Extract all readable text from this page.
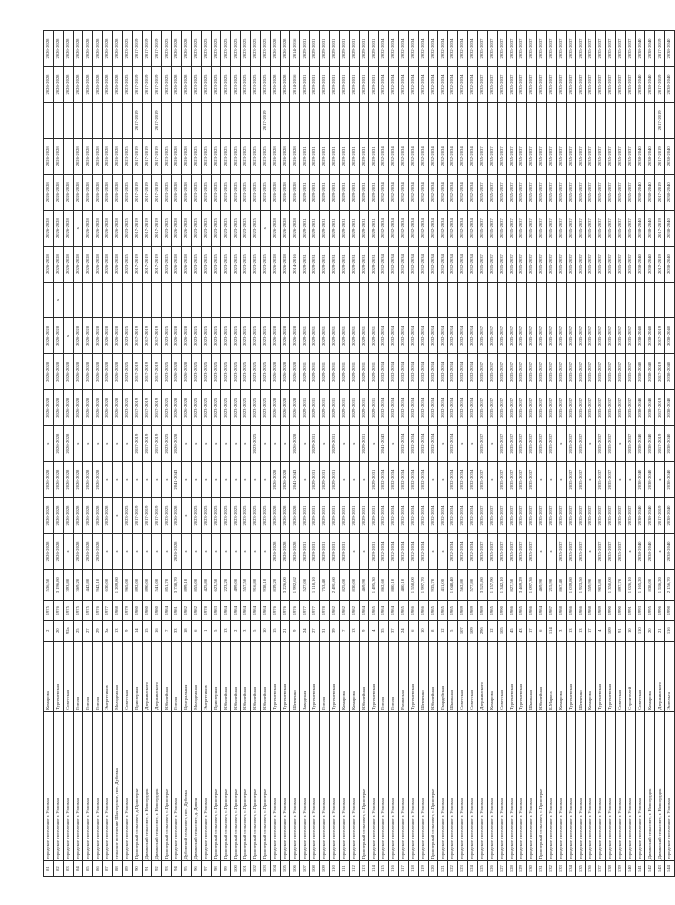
81	городское поселение г. Узловая	Комарова	2	1975	536,50	2026-2028	2026-2028	2026-2028	x	2026-2028	2026-2028	2026-2028		2026-2028	2026-2028	2026-2028	2026-2028		2026-2028	2026-2028
82	городское поселение г. Узловая	Тургеневская	20	1976	3 196,80	2026-2028	2026-2028	2026-2028	2026-2028	2026-2028	2026-2028	2026-2028	x	2026-2028	2026-2028	2026-2028	2026-2028		2026-2028	2026-2028
83	городское поселение г. Узловая	Советская	92а	1975	393,80	x	2026-2028	2026-2028	2026-2028	2026-2028	2026-2028	x		2026-2028	2026-2028	2026-2028			2026-2028	2026-2028
84	городское поселение г. Узловая	Гоголя	25	1975	369,20	2026-2028	2026-2028	2026-2028	x	2026-2028	2026-2028	2026-2028		2026-2028	x	2026-2028	2026-2028		2026-2028	2026-2028
85	городское поселение г. Узловая	Гоголя	27	1975	442,80	2026-2028	2026-2028	2026-2028	x	2026-2028	2026-2028	2026-2028		2026-2028	2026-2028	2026-2028	2026-2028		2026-2028	2026-2028
86	городское поселение г. Узловая	Гоголя	29	1976	942,10	2026-2028	2026-2028	2026-2028	x	2026-2028	2026-2028	2026-2028		2026-2028	2026-2028	2026-2028	2026-2028		2026-2028	2026-2028
87	городское поселение г. Узловая	Энергетиков	3а	1977	630,00	x	2026-2028	x	x	2026-2028	2026-2028	2026-2028		2026-2028	2026-2028	2026-2028	2026-2028		2026-2028	2026-2028
88	сельское поселение Шахтерское, пос. Дубовка	Молодежная	13	1988	1 209,80	x	x	x	x	2026-2028	2026-2028	2026-2028		2026-2028	2026-2028	2026-2028	2026-2028		2026-2028	2026-2028
89	городское поселение г. Узловая	Советская	9	1979	965,00	x	2023-2025	x	x	2023-2025	2023-2025	2023-2025		2023-2025	2023-2025	2023-2025	2023-2025		2023-2025	2023-2025
90	Приозерный сельсовет, д.Приозерье	Приозерная	14	1980	892,00	x	2017-2019	x	2017-2019	2017-2019	2017-2019	2017-2019		2017-2019	2017-2019	2017-2019	2017-2019	2017-2019	2017-2019	2017-2019
91	Дивинский сельсовет, г. Новогрудок	Дзержинского	15	1980	890,00	x	2017-2019	x	2017-2019	2017-2019	2017-2019	2017-2019		2017-2019	2017-2019	2017-2019	2017-2019		2017-2019	2017-2019
92	Дивинский сельсовет, г. Новогрудок	Дзержинского	16	1980	541,00	x	2017-2019	x	2017-2019	2017-2019	2017-2019	2017-2019		2017-2019	2017-2019	2017-2019	2017-2019	2017-2019	2017-2019	2017-2019
93	Приозерный сельсовет, с.Приозерье	Юбилейная	7	1984	851,70	x	2023-2025	x	2023-2025	2023-2025	2023-2025	2023-2025		2023-2025	2023-2025	2023-2025	2023-2025		2023-2025	2023-2025
94	городское поселение г. Узловая	Гоголя	33	1981	3 738,70	2026-2028	2026-2028	2041-2043	2026-2028	2026-2028	2026-2028	2026-2028		2026-2028	2026-2028	2026-2028	2026-2028		2026-2028	2026-2028
95	Дубовский сельсовет, пос. Дубовка	Центральная	18	1982	899,10	x	x	x	x	2026-2028	2026-2028	2026-2028		2026-2028	2026-2028	2026-2028	2026-2028		2026-2028	2026-2028
96	Дивинский сельсовет, д. Дивин	Молодежная	6	1982	855,00	x	2023-2025	x	x	2023-2025	2023-2025	2023-2025		2023-2025	2023-2025	2023-2025	2023-2025		2023-2025	2023-2025
97	городское поселение г. Узловая	Энергетиков	1	1978	425,80	x	2023-2025	x	x	2023-2025	2023-2025	2023-2025		2023-2025	2023-2025	2023-2025	2023-2025		2023-2025	2023-2025
98	Приозерный сельсовет, с.Приозерье	Приозерная	5	1983	623,50	x	2023-2025	x	x	2023-2025	2023-2025	2023-2025		2023-2025	2023-2025	2023-2025	2023-2025		2023-2025	2023-2025
99	Приозерный сельсовет, с.Приозерье	Юбилейная	13	1984	223,20	x	2023-2025	x	x	2023-2025	2023-2025	2023-2025		2023-2025	2023-2025	2023-2025	2023-2025		2023-2025	2023-2025
100	Приозерный сельсовет, с.Приозерье	Юбилейная	2	1984	499,00	x	2023-2025	x	x	2023-2025	2023-2025	2023-2025		2023-2025	2023-2025	2023-2025	2023-2025		2023-2025	2023-2025
101	Приозерный сельсовет, с.Приозерье	Юбилейная	3	1984	557,50	x	2023-2025	x	x	2023-2025	2023-2025	2023-2025		2023-2025	2023-2025	2023-2025	2023-2025		2023-2025	2023-2025
102	Приозерный сельсовет, с.Приозерье	Юбилейная	5	1984	916,80	x	2023-2025	x	2023-2025	2023-2025	2023-2025	2023-2025		2023-2025	2023-2025	2023-2025	2023-2025		2023-2025	2023-2025
103	Приозерный сельсовет, с.Приозерье	Юбилейная	10	1984	938,10	x	2023-2025	x	x	2023-2025	2023-2025	2023-2025		2023-2025	x	2023-2025	2023-2025	2017-2019	2023-2025	2023-2025
104	городское поселение г. Узловая	Тургеневская	15	1976	839,20	2026-2028	2026-2028	2026-2028	x	2026-2028	2026-2028	2026-2028		2026-2028	2026-2028	2026-2028	2026-2028		2026-2028	2026-2028
105	городское поселение г. Узловая	Тургеневская	21	1976	3 226,00	2026-2028	2026-2028	2026-2028	x	2026-2028	2026-2028	2026-2028		2026-2028	2026-2028	2026-2028	2026-2028		2026-2028	2026-2028
106	городское поселение г. Узловая	Шевченко	9	1976	1 992,62	2026-2028	2026-2028	2041-2043	2026-2028	2026-2028	2026-2028	2026-2028		2014-2016	2026-2028	2026-2028	2026-2028		2014-2016	2014-2016
107	городское поселение г. Узловая	Заводская	24	1977	527,00	2029-2031	2029-2031	x	x	2029-2031	2029-2031	2029-2031		2029-2031	2029-2031	2029-2031	2029-2031		2029-2031	2029-2031
108	городское поселение г. Узловая	Тургеневская	27	1977	1 118,10	2029-2031	2029-2031	2029-2031	2029-2031	2029-2031	2029-2031	2029-2031		2029-2031	2029-2031	2029-2031	2029-2031		2029-2031	2029-2031
109	городское поселение г. Узловая	Гоголя	31	1978	753,40	2029-2031	2029-2031	2029-2031	x	2029-2031	2029-2031	2029-2031		2029-2031	2029-2031	2029-2031	2029-2031		2029-2031	2029-2031
110	городское поселение г. Узловая	Тургеневская	39	1982	2 491,60	2029-2031	2029-2031	2029-2031	2029-2031	2029-2031	2029-2031	2029-2031		2029-2031	2029-2031	2029-2031	2029-2031		2029-2031	2029-2031
111	городское поселение г. Узловая	Комарова	7	1982	825,00	2029-2031	2029-2031	x	x	2029-2031	2029-2031	2029-2031		2029-2031	2029-2031	2029-2031	2029-2031		2029-2031	2029-2031
112	городское поселение г. Узловая	Комарова	13	1982	830,00	x	2029-2031	x	x	2029-2031	2029-2031	2029-2031		2029-2031	2029-2031	2029-2031	2029-2031		2029-2031	2029-2031
113	Приозерный сельсовет, с.Приозерье	Юбилейная	9	1984	469,90	x	2029-2031	x	2029-2031	2029-2031	2029-2031	2029-2031		2029-2031	2029-2031	2029-2031	2029-2031		2029-2031	2029-2031
114	городское поселение г. Узловая	Тургеневская	4	1985	1 495,30	2029-2031	2029-2031	2029-2031	x	2029-2031	2029-2031	2029-2031		2029-2031	2029-2031	2029-2031	2029-2031		2029-2031	2029-2031
115	городское поселение г. Узловая	Гоголя	35	1984	862,60	2032-2034	2032-2034	2032-2034	2041-2043	2032-2034	2032-2034	2032-2034		2032-2034	2032-2034	2032-2034	2032-2034		2032-2034	2032-2034
116	городское поселение г. Узловая	Гоголя	37	1984	880,10	2032-2034	2032-2034	2032-2034	x	2032-2034	2032-2034	2032-2034		2032-2034	2032-2034	2032-2034	2032-2034		2032-2034	2032-2034
117	городское поселение г. Узловая	Разинская	24	1985	480,10	2032-2034	2032-2034	2032-2034	2032-2034	2032-2034	2032-2034	2032-2034		2032-2034	2032-2034	2032-2034	2032-2034		2032-2034	2032-2034
118	городское поселение г. Узловая	Тургеневская	6	1986	1 558,00	2032-2034	2032-2034	2032-2034	2032-2034	2032-2034	2032-2034	2032-2034		2032-2034	2032-2034	2032-2034	2032-2034		2032-2034	2032-2034
119	городское поселение г. Узловая	Шевченко	10	1986	1 997,70	2032-2034	2032-2034	2032-2034	2032-2034	2032-2034	2032-2034	2032-2034		2032-2034	2032-2034	2032-2034	2032-2034		2032-2034	2032-2034
120	Приозерный сельсовет, с.Приозерье	Юбилейная	8	1985	935,70	x	2032-2034	x	2032-2034	2032-2034	2032-2034	2032-2034		2032-2034	2032-2034	2032-2034	2032-2034		2032-2034	2032-2034
121	городское поселение г. Узловая	Гвардейская	12	1985	411,00	x	2032-2034	x	x	2032-2034	2032-2034	2032-2034		2032-2034	2032-2034	2032-2034	2032-2034		2032-2034	2032-2034
122	городское поселение г. Узловая	Школьная	5	1985	1 048,40	2032-2034	2032-2034	2032-2034	2032-2034	2032-2034	2032-2034	2032-2034		2032-2034	2032-2034	2032-2034	2032-2034		2032-2034	2032-2034
123	городское поселение г. Узловая	Советская	107	1989	562,80	2032-2034	2032-2034	2032-2034	x	2032-2034	2032-2034	2032-2034		2032-2034	2032-2034	2032-2034	2032-2034		2032-2034	2032-2034
124	городское поселение г. Узловая	Советская	109	1989	577,80	2032-2034	2032-2034	2032-2034	x	2032-2034	2032-2034	2032-2034		2032-2034	2032-2034	2032-2034	2032-2034		2032-2034	2032-2034
125	городское поселение г. Узловая	Дзержинского	29б	1989	3 521,80	2035-2037	2035-2037	2035-2037	2035-2037	2035-2037	2035-2037	2035-2037		2035-2037	2035-2037	2035-2037	2035-2037		2035-2037	2035-2037
126	городское поселение г. Узловая	Комарова	12	1985	1 157,90	2035-2037	2035-2037	x	x	2035-2037	2035-2037	2035-2037		2035-2037	2035-2037	2035-2037	2035-2037		2035-2037	2035-2037
127	городское поселение г. Узловая	Советская	105	1990	1 342,10	2035-2037	2035-2037	2035-2037	2035-2037	2035-2037	2035-2037	2035-2037		2035-2037	2035-2037	2035-2037	2035-2037		2035-2037	2035-2037
128	городское поселение г. Узловая	Тургеневская	45	1986	827,50	2035-2037	2035-2037	2035-2037	2035-2037	2035-2037	2035-2037	2035-2037		2035-2037	2035-2037	2035-2037	2035-2037		2035-2037	2035-2037
129	городское поселение г. Узловая	Тургеневская	43	1985	3 469,29	2035-2037	2035-2037	2035-2037	2035-2037	2035-2037	2035-2037	2035-2037		2035-2037	2035-2037	2035-2037	2035-2037		2035-2037	2035-2037
130	городское поселение г. Узловая	Школьная	17	1986	1 097,36	2035-2037	2035-2037	2035-2037	2035-2037	2035-2037	2035-2037	2035-2037		2035-2037	2035-2037	2035-2037	2035-2037		2035-2037	2035-2037
131	Приозерный сельсовет, с.Приозерье	Юбилейная	6	1984	469,90	x	2035-2037	x	2035-2037	2035-2037	2035-2037	2035-2037		2035-2037	2035-2037	2035-2037	2035-2037		2035-2037	2035-2037
132	городское поселение г. Узловая	Б.Маркса	114	1987	215,90	x	2035-2037	x	2035-2037	2035-2037	2035-2037	2035-2037		2035-2037	2035-2037	2035-2037	2035-2037		2035-2037	2035-2037
133	городское поселение г. Узловая	Комарова	3	1988	867,40	2035-2037	2035-2037	x	x	2035-2037	2035-2037	2035-2037		2035-2037	2035-2037	2035-2037	2035-2037		2035-2037	2035-2037
134	городское поселение г. Узловая	Тургеневская	13	1986	1 039,80	2035-2037	2035-2037	2035-2037	2035-2037	2035-2037	2035-2037	2035-2037		2035-2037	2035-2037	2035-2037	2035-2037		2035-2037	2035-2037
135	городское поселение г. Узловая	Шевченко	13	1986	1 923,50	2035-2037	2035-2037	2035-2037	2035-2037	2035-2037	2035-2037	2035-2037		2035-2037	2035-2037	2035-2037	2035-2037		2035-2037	2035-2037
136	городское поселение г. Узловая	Комарова	17	1988	559,90	x	2035-2037	x	x	2035-2037	2035-2037	2035-2037		2035-2037	2035-2037	2035-2037	2035-2037		2035-2037	2035-2037
137	городское поселение г. Узловая	Тургеневская	4	1989	903,80	2035-2037	2035-2037	2035-2037	2035-2037	2035-2037	2035-2037	2035-2037		2035-2037	2035-2037	2035-2037	2035-2037		2035-2037	2035-2037
138	городское поселение г. Узловая	Тургеневская	109	1990	1 350,00	2035-2037	2035-2037	2035-2037	2035-2037	2035-2037	2035-2037	2035-2037		2035-2037	2035-2037	2035-2037	2035-2037		2035-2037	2035-2037
139	городское поселение г. Узловая	Советская	91	1990	897,70	2035-2037	2035-2037	x	x	2035-2037	2035-2037	2035-2037		2035-2037	2035-2037	2035-2037	2035-2037		2035-2037	2035-2037
140	городское поселение г. Узловая	Строителей	10	1991	1 026,10	x	2035-2037	x	2035-2037	2035-2037	2035-2037	2035-2037		2035-2037	2035-2037	2035-2037	2035-2037		2035-2037	2035-2037
141	городское поселение г. Узловая	Советская	110	1993	1 165,20	2038-2040	2038-2040	2038-2040	2038-2040	2038-2040	2038-2040	2038-2040		2038-2040	2038-2040	2038-2040	2038-2040		2038-2040	2038-2040
142	Дивинский сельсовет, г. Новогрудок	Комарова	20	1995	838,00	2038-2040	2038-2040	2038-2040	2038-2040	2038-2040	2038-2040	2038-2040		2038-2040	2038-2040	2038-2040	2038-2040		2038-2040	2038-2040
143	Дивинский сельсовет, г. Новогрудок	Дзержинского	21	1996	1 536,20	x	2017-2019	x	2017-2019	2017-2019	2017-2019	2017-2019		2017-2019	2017-2019	2017-2019	2017-2019	2017-2019	2017-2019	2017-2019
144	городское поселение г. Узловая	Энгельса	116	1998	2 156,70	2038-2040	2038-2040	2038-2040	2038-2040	2038-2040	2038-2040	2038-2040		2038-2040	2038-2040	2038-2040	2038-2040		2038-2040	2038-2040
